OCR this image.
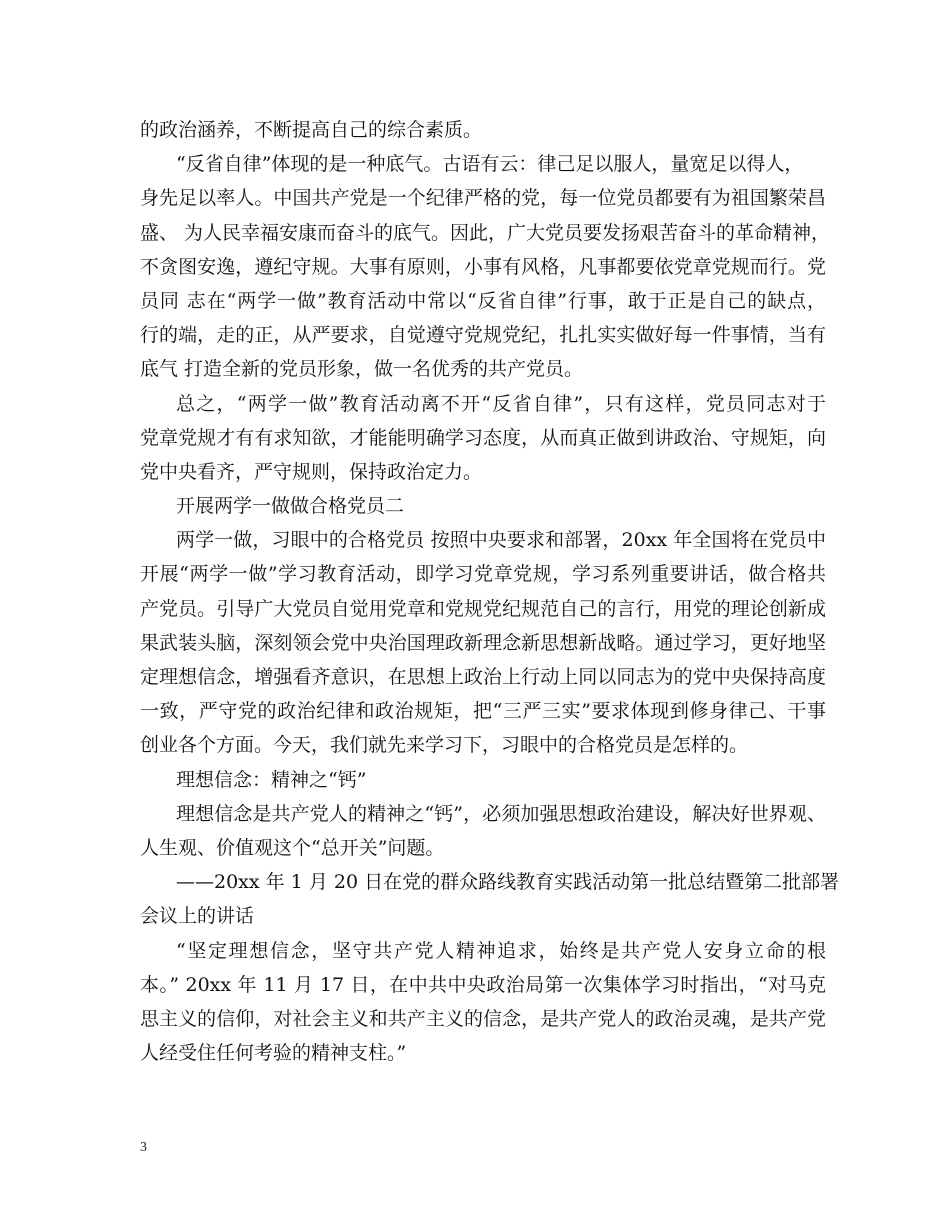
的政治涵养，不断提高自己的综合素质。
“反省自律”体现的是一种底气。古语有云：律己足以服人，量宽足以得人，
身先足以率人。中国共产党是一个纪律严格的党，每一位党员都要有为祖国繁荣昌
盛、 为人民幸福安康而奋斗的底气。因此，广大党员要发扬艰苦奋斗的革命精神，
不贪图安逸，遵纪守规。大事有原则，小事有风格，凡事都要依党章党规而行。党
员同 志在“两学一做”教育活动中常以“反省自律”行事，敢于正是自己的缺点，
行的端，走的正，从严要求，自觉遵守党规党纪，扎扎实实做好每一件事情，当有
底气 打造全新的党员形象，做一名优秀的共产党员。
总之，“两学一做”教育活动离不开“反省自律”，只有这样，党员同志对于
党章党规才有有求知欲，才能能明确学习态度，从而真正做到讲政治、守规矩，向
党中央看齐，严守规则，保持政治定力。
开展两学一做做合格党员二
两学一做，习眼中的合格党员 按照中央要求和部署，20xx 年全国将在党员中
开展“两学一做”学习教育活动，即学习党章党规，学习系列重要讲话，做合格共
产党员。引导广大党员自觉用党章和党规党纪规范自己的言行，用党的理论创新成
果武装头脑，深刻领会党中央治国理政新理念新思想新战略。通过学习，更好地坚
定理想信念，增强看齐意识，在思想上政治上行动上同以同志为的党中央保持高度
一致，严守党的政治纪律和政治规矩，把“三严三实”要求体现到修身律己、干事
创业各个方面。今天，我们就先来学习下，习眼中的合格党员是怎样的。
理想信念：精神之“钙”
理想信念是共产党人的精神之“钙”，必须加强思想政治建设，解决好世界观、
人生观、价值观这个“总开关”问题。
——20xx 年 1 月 20 日在党的群众路线教育实践活动第一批总结暨第二批部署
会议上的讲话
“坚定理想信念，坚守共产党人精神追求，始终是共产党人安身立命的根
本。” 20xx 年 11 月 17 日，在中共中央政治局第一次集体学习时指出，“对马克
思主义的信仰，对社会主义和共产主义的信念，是共产党人的政治灵魂，是共产党
人经受住任何考验的精神支柱。”
3
